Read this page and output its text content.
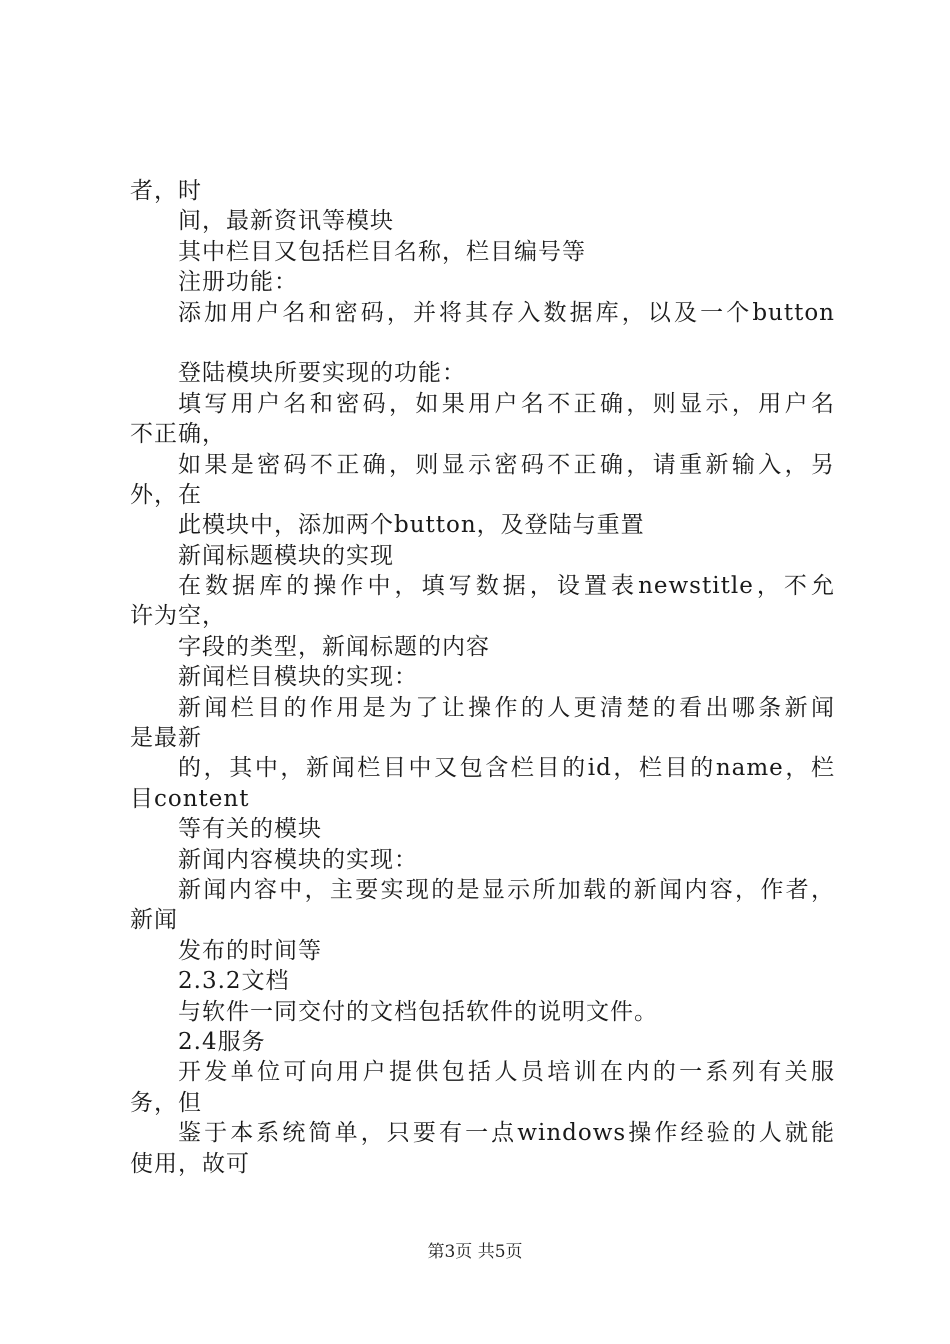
者，时
间，最新资讯等模块
其中栏目又包括栏目名称，栏目编号等
注册功能：
添加用户名和密码，并将其存入数据库，以及一个button
登陆模块所要实现的功能：
填写用户名和密码，如果用户名不正确，则显示，用户名
不正确，
如果是密码不正确，则显示密码不正确，请重新输入，另
外，在
此模块中，添加两个button，及登陆与重置
新闻标题模块的实现
在数据库的操作中，填写数据，设置表newstitle，不允
许为空，
字段的类型，新闻标题的内容
新闻栏目模块的实现：
新闻栏目的作用是为了让操作的人更清楚的看出哪条新闻
是最新
的，其中，新闻栏目中又包含栏目的id，栏目的name，栏
目content
等有关的模块
新闻内容模块的实现：
新闻内容中，主要实现的是显示所加载的新闻内容，作者，
新闻
发布的时间等
2.3.2文档
与软件一同交付的文档包括软件的说明文件。
2.4服务
开发单位可向用户提供包括人员培训在内的一系列有关服
务，但
鉴于本系统简单，只要有一点windows操作经验的人就能
使用，故可
第3页 共5页
